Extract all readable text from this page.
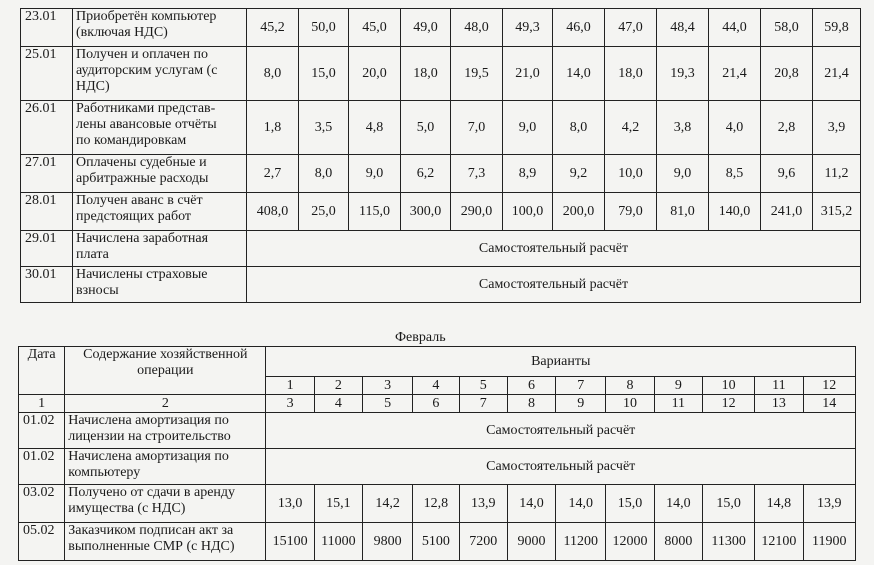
23.01	Приобретён компьютер
(включая НДС)	45,2	50,0	45,0	49,0	48,0	49,3	46,0	47,0	48,4	44,0	58,0	59,8
25.01	Получен и оплачен по
аудиторским услугам (с
НДС)	8,0	15,0	20,0	18,0	19,5	21,0	14,0	18,0	19,3	21,4	20,8	21,4
26.01	Работниками представ-
лены авансовые отчёты
по командировкам	1,8	3,5	4,8	5,0	7,0	9,0	8,0	4,2	3,8	4,0	2,8	3,9
27.01	Оплачены судебные и
арбитражные расходы	2,7	8,0	9,0	6,2	7,3	8,9	9,2	10,0	9,0	8,5	9,6	11,2
28.01	Получен аванс в счёт
предстоящих работ	408,0	25,0	115,0	300,0	290,0	100,0	200,0	79,0	81,0	140,0	241,0	315,2
29.01	Начислена заработная
плата	Самостоятельный расчёт											
30.01	Начислены страховые
взносы	Самостоятельный расчёт											
Февраль
Дата	Содержание хозяйственной
операции	Варианты											
		1	2	3	4	5	6	7	8	9	10	11	12
1	2	3	4	5	6	7	8	9	10	11	12	13	14
01.02	Начислена амортизация по
лицензии на строительство	Самостоятельный расчёт											
01.02	Начислена амортизация по
компьютеру	Самостоятельный расчёт											
03.02	Получено от сдачи в аренду
имущества (с НДС)	13,0	15,1	14,2	12,8	13,9	14,0	14,0	15,0	14,0	15,0	14,8	13,9
05.02	Заказчиком подписан акт за
выполненные СМР (с НДС)	15100	11000	9800	5100	7200	9000	11200	12000	8000	11300	12100	11900
